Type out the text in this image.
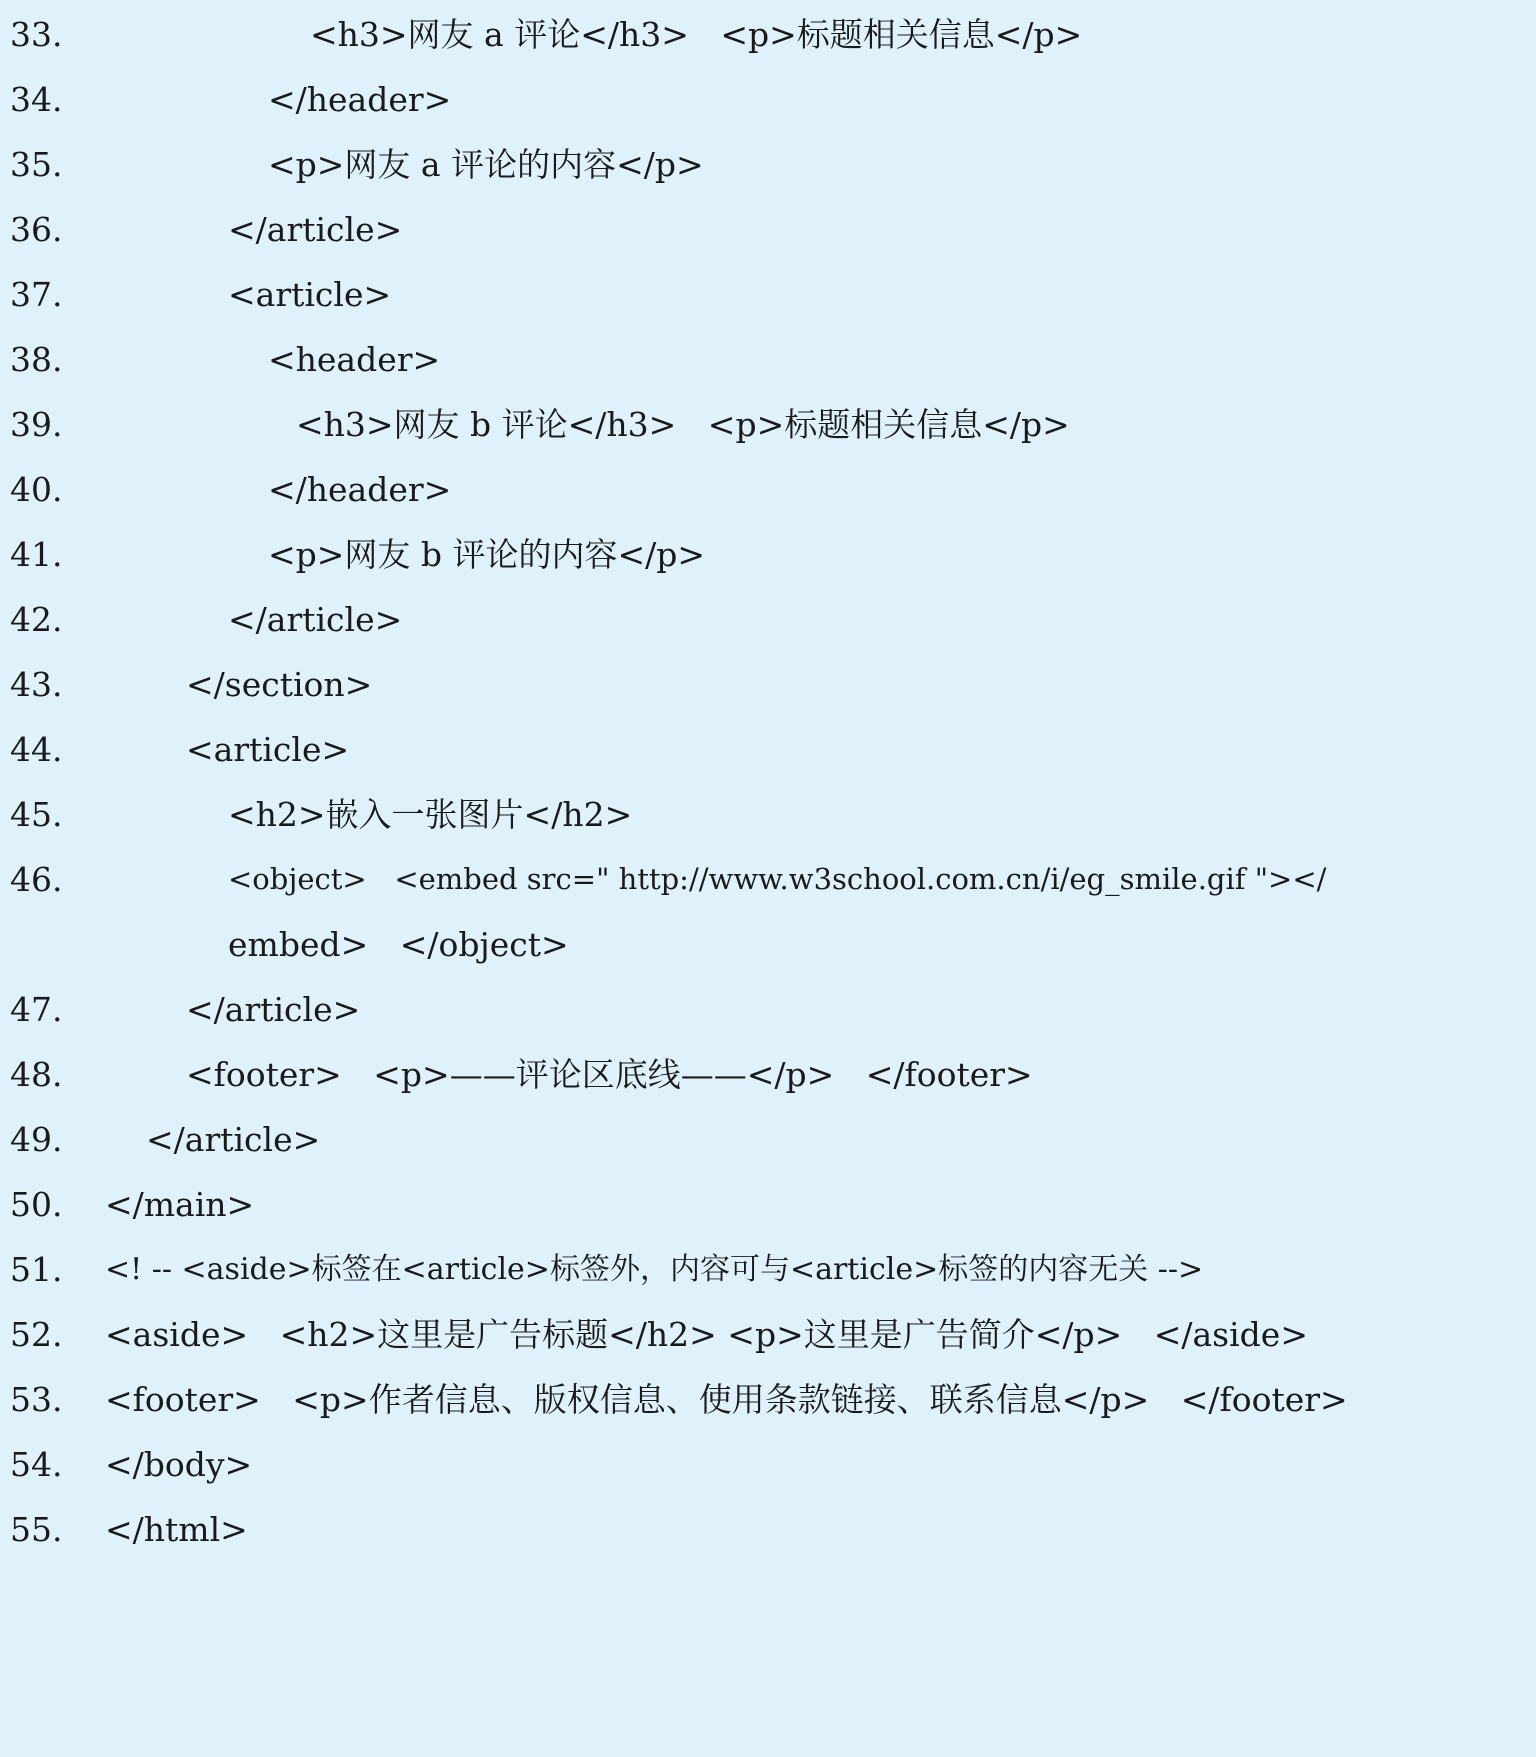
33.

	<h3>网友 a 评论</h3>   <p>标题相关信息</p>

34.

	</header>

35.

	<p>网友 a 评论的内容</p>

36.

	</article>

37.

	<article>

38.

	<header>

39.

	<h3>网友 b 评论</h3>   <p>标题相关信息</p>

40.

	</header>

41.

	<p>网友 b 评论的内容</p>

42.

	</article>

43.

	</section>

44.

	<article>

45.

	<h2>嵌入一张图片</h2>

46.

	<object>   <embed src=" http://www.w3school.com.cn/i/eg_smile.gif "></

embed>   </object>

47.

	</article>

48.

	<footer>   <p>——评论区底线——</p>   </footer>

49.

	</article>

50.

</main>

51.

<! -- <aside>标签在<article>标签外，内容可与<article>标签的内容无关 -->

52.

<aside>   <h2>这里是广告标题</h2> <p>这里是广告简介</p>   </aside>

53.

<footer>   <p>作者信息、版权信息、使用条款链接、联系信息</p>   </footer>

54.

</body>

55.

</html>
